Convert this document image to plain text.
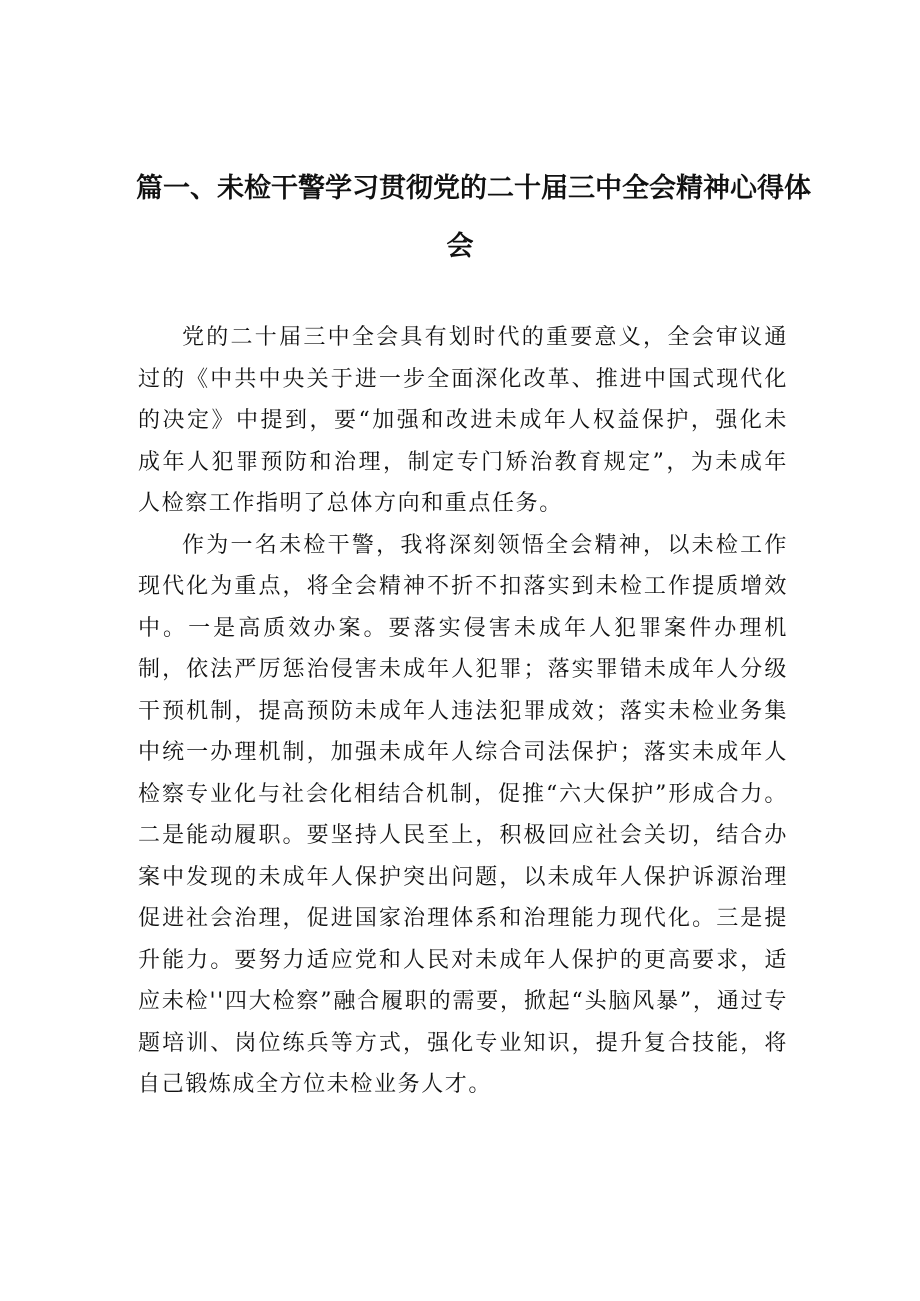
篇一、未检干警学习贯彻党的二十届三中全会精神心得体
会

党的二十届三中全会具有划时代的重要意义，全会审议通过的《中共中央关于进一步全面深化改革、推进中国式现代化的决定》中提到，要“加强和改进未成年人权益保护，强化未成年人犯罪预防和治理，制定专门矫治教育规定”，为未成年人检察工作指明了总体方向和重点任务。

作为一名未检干警，我将深刻领悟全会精神，以未检工作现代化为重点，将全会精神不折不扣落实到未检工作提质增效中。一是高质效办案。要落实侵害未成年人犯罪案件办理机制，依法严厉惩治侵害未成年人犯罪；落实罪错未成年人分级干预机制，提高预防未成年人违法犯罪成效；落实未检业务集中统一办理机制，加强未成年人综合司法保护；落实未成年人检察专业化与社会化相结合机制，促推“六大保护”形成合力。二是能动履职。要坚持人民至上，积极回应社会关切，结合办案中发现的未成年人保护突出问题，以未成年人保护诉源治理促进社会治理，促进国家治理体系和治理能力现代化。三是提升能力。要努力适应党和人民对未成年人保护的更高要求，适应未检''四大检察”融合履职的需要，掀起“头脑风暴”，通过专题培训、岗位练兵等方式，强化专业知识，提升复合技能，将自己锻炼成全方位未检业务人才。
